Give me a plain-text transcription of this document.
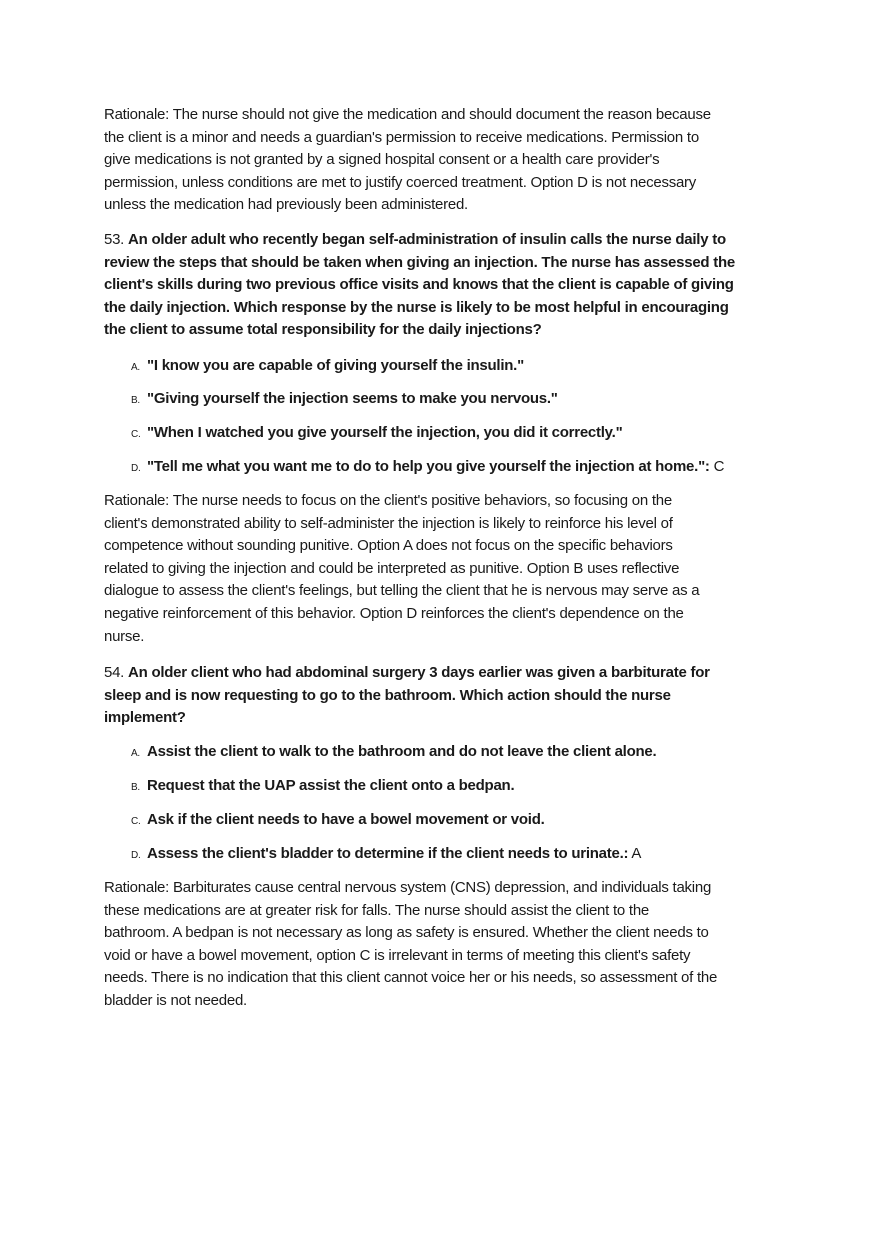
Rationale: The nurse should not give the medication and should document the reason because
the client is a minor and needs a guardian's permission to receive medications. Permission to
give medications is not granted by a signed hospital consent or a health care provider's
permission, unless conditions are met to justify coerced treatment. Option D is not necessary
unless the medication had previously been administered.
53. An older adult who recently began self-administration of insulin calls the nurse daily to
review the steps that should be taken when giving an injection. The nurse has assessed the
client's skills during two previous office visits and knows that the client is capable of giving
the daily injection. Which response by the nurse is likely to be most helpful in encouraging
the client to assume total responsibility for the daily injections?
A. "I know you are capable of giving yourself the insulin."
B. "Giving yourself the injection seems to make you nervous."
C. "When I watched you give yourself the injection, you did it correctly."
D. "Tell me what you want me to do to help you give yourself the injection at home.": C
Rationale: The nurse needs to focus on the client's positive behaviors, so focusing on the
client's demonstrated ability to self-administer the injection is likely to reinforce his level of
competence without sounding punitive. Option A does not focus on the specific behaviors
related to giving the injection and could be interpreted as punitive. Option B uses reflective
dialogue to assess the client's feelings, but telling the client that he is nervous may serve as a
negative reinforcement of this behavior. Option D reinforces the client's dependence on the
nurse.
54. An older client who had abdominal surgery 3 days earlier was given a barbiturate for
sleep and is now requesting to go to the bathroom. Which action should the nurse
implement?
A. Assist the client to walk to the bathroom and do not leave the client alone.
B. Request that the UAP assist the client onto a bedpan.
C. Ask if the client needs to have a bowel movement or void.
D. Assess the client's bladder to determine if the client needs to urinate.: A
Rationale: Barbiturates cause central nervous system (CNS) depression, and individuals taking
these medications are at greater risk for falls. The nurse should assist the client to the
bathroom. A bedpan is not necessary as long as safety is ensured. Whether the client needs to
void or have a bowel movement, option C is irrelevant in terms of meeting this client's safety
needs. There is no indication that this client cannot voice her or his needs, so assessment of the
bladder is not needed.
